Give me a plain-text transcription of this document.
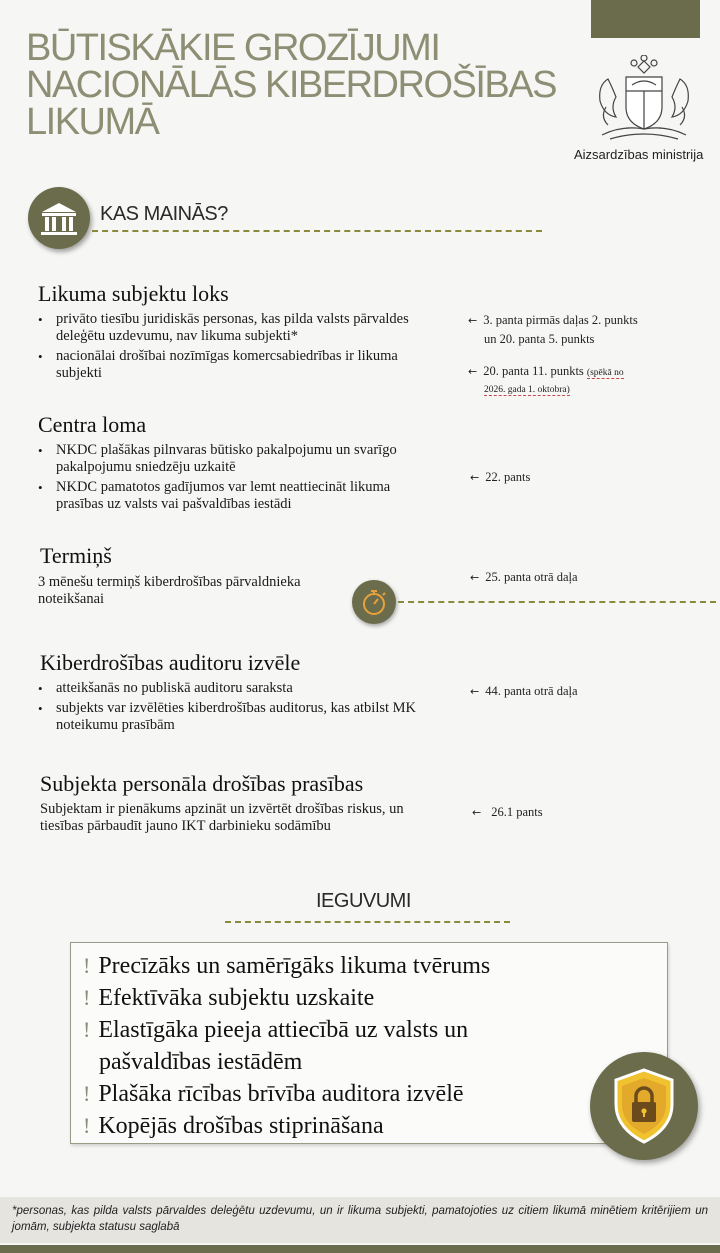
BŪTISKĀKIE GROZĪJUMI
NACIONĀLĀS KIBERDROŠĪBAS
LIKUMĀ
Aizsardzības ministrija
KAS MAINĀS?
Likuma subjektu loks
• privāto tiesību juridiskās personas, kas pilda valsts pārvaldes deleģētu uzdevumu, nav likuma subjekti*
• nacionālai drošībai nozīmīgas komercsabiedrības ir likuma subjekti
← 3. panta pirmās daļas 2. punkts
un 20. panta 5. punkts
← 20. panta 11. punkts (spēkā no
2026. gada 1. oktobra)
Centra loma
• NKDC plašākas pilnvaras būtisko pakalpojumu un svarīgo pakalpojumu sniedzēju uzkaitē
• NKDC pamatotos gadījumos var lemt neattiecināt likuma prasības uz valsts vai pašvaldības iestādi
← 22. pants
Termiņš
3 mēnešu termiņš kiberdrošības pārvaldnieka noteikšanai
← 25. panta otrā daļa
Kiberdrošības auditoru izvēle
• atteikšanās no publiskā auditoru saraksta
• subjekts var izvēlēties kiberdrošības auditorus, kas atbilst MK noteikumu prasībām
← 44. panta otrā daļa
Subjekta personāla drošības prasības
Subjektam ir pienākums apzināt un izvērtēt drošības riskus, un tiesības pārbaudīt jauno IKT darbinieku sodāmību
← 26.1 pants
IEGUVUMI
! Precīzāks un samērīgāks likuma tvērums
! Efektīvāka subjektu uzskaite
! Elastīgāka pieeja attiecībā uz valsts un
pašvaldības iestādēm
! Plašāka rīcības brīvība auditora izvēlē
! Kopējās drošības stiprināšana

*personas, kas pilda valsts pārvaldes deleģētu uzdevumu, un ir likuma subjekti, pamatojoties uz citiem likumā minētiem kritērijiem un jomām, subjekta statusu saglabā
